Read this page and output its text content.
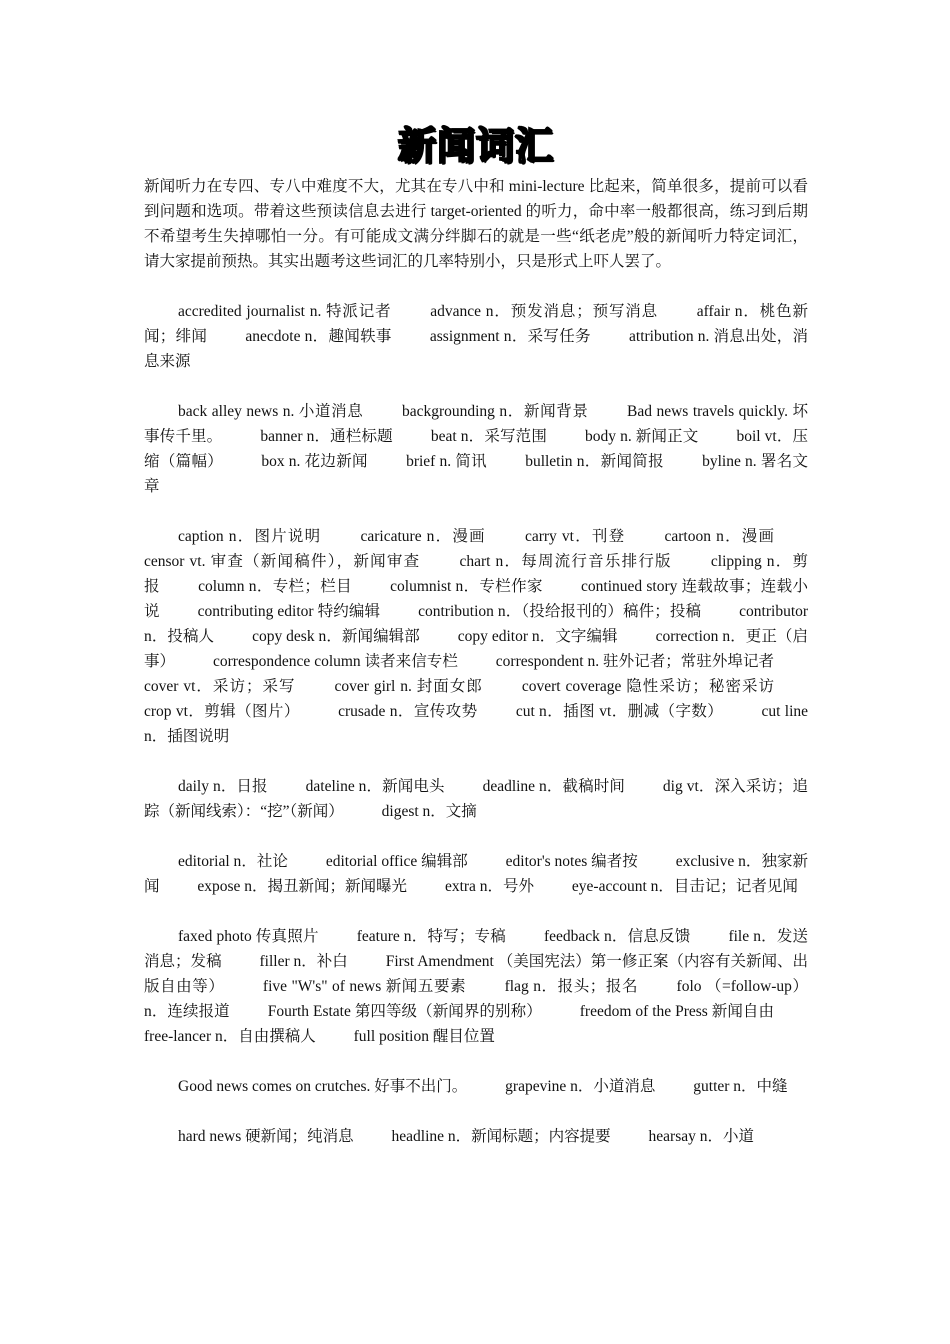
新闻词汇

新闻听力在专四、专八中难度不大，尤其在专八中和 mini-lecture 比起来，简单很多，提前可以看到问题和选项。带着这些预读信息去进行 target-oriented 的听力，命中率一般都很高，练习到后期不希望考生失掉哪怕一分。有可能成文满分绊脚石的就是一些“纸老虎”般的新闻听力特定词汇，请大家提前预热。其实出题考这些词汇的几率特别小，只是形式上吓人罢了。

accredited journalist n. 特派记者	advance n．预发消息；预写消息	affair n．桃色新闻；绯闻 anecdote n．趣闻轶事 assignment n．采写任务 attribution n. 消息出处，消息来源

back alley news n. 小道消息 backgrounding n．新闻背景 Bad news travels quickly. 坏事传千里。 banner n．通栏标题 beat n．采写范围 body n. 新闻正文 boil vt．压缩（篇幅） box n. 花边新闻 brief n. 简讯 bulletin n．新闻简报 byline n. 署名文章

caption n．图片说明	caricature n．漫画	carry vt．刊登	cartoon n．漫画 censor vt. 审查（新闻稿件），新闻审查	chart n．每周流行音乐排行版	clipping n．剪报 column n．专栏；栏目 columnist n．专栏作家 continued story 连载故事；连载小说 contributing editor 特约编辑 contribution n．（投给报刊的）稿件；投稿 contributor n．投稿人 copy desk n．新闻编辑部 copy editor n．文字编辑 correction n．更正（启事） correspondence column 读者来信专栏 correspondent n. 驻外记者；常驻外埠记者 cover vt．采访；采写	cover girl n. 封面女郎	covert coverage 隐性采访；秘密采访 crop vt．剪辑（图片） crusade n．宣传攻势 cut n．插图 vt．删减（字数） cut line n．插图说明

daily n．日报 dateline n．新闻电头 deadline n．截稿时间 dig vt．深入采访；追踪（新闻线索）：“挖”（新闻） digest n．文摘

editorial n．社论 editorial office 编辑部 editor's notes 编者按 exclusive n．独家新闻 expose n．揭丑新闻；新闻曝光 extra n．号外 eye-account n．目击记；记者见闻

faxed photo 传真照片 feature n．特写；专稿 feedback n．信息反馈 file n．发送消息；发稿 filler n．补白 First Amendment （美国宪法）第一修正案（内容有关新闻、出版自由等） five "W's" of news 新闻五要素 flag n．报头；报名 folo （=follow-up） n．连续报道 Fourth Estate 第四等级（新闻界的别称） freedom of the Press 新闻自由 free-lancer n．自由撰稿人 full position 醒目位置

Good news comes on crutches. 好事不出门。 grapevine n．小道消息 gutter n．中缝

hard news 硬新闻；纯消息 headline n．新闻标题；内容提要 hearsay n．小道
